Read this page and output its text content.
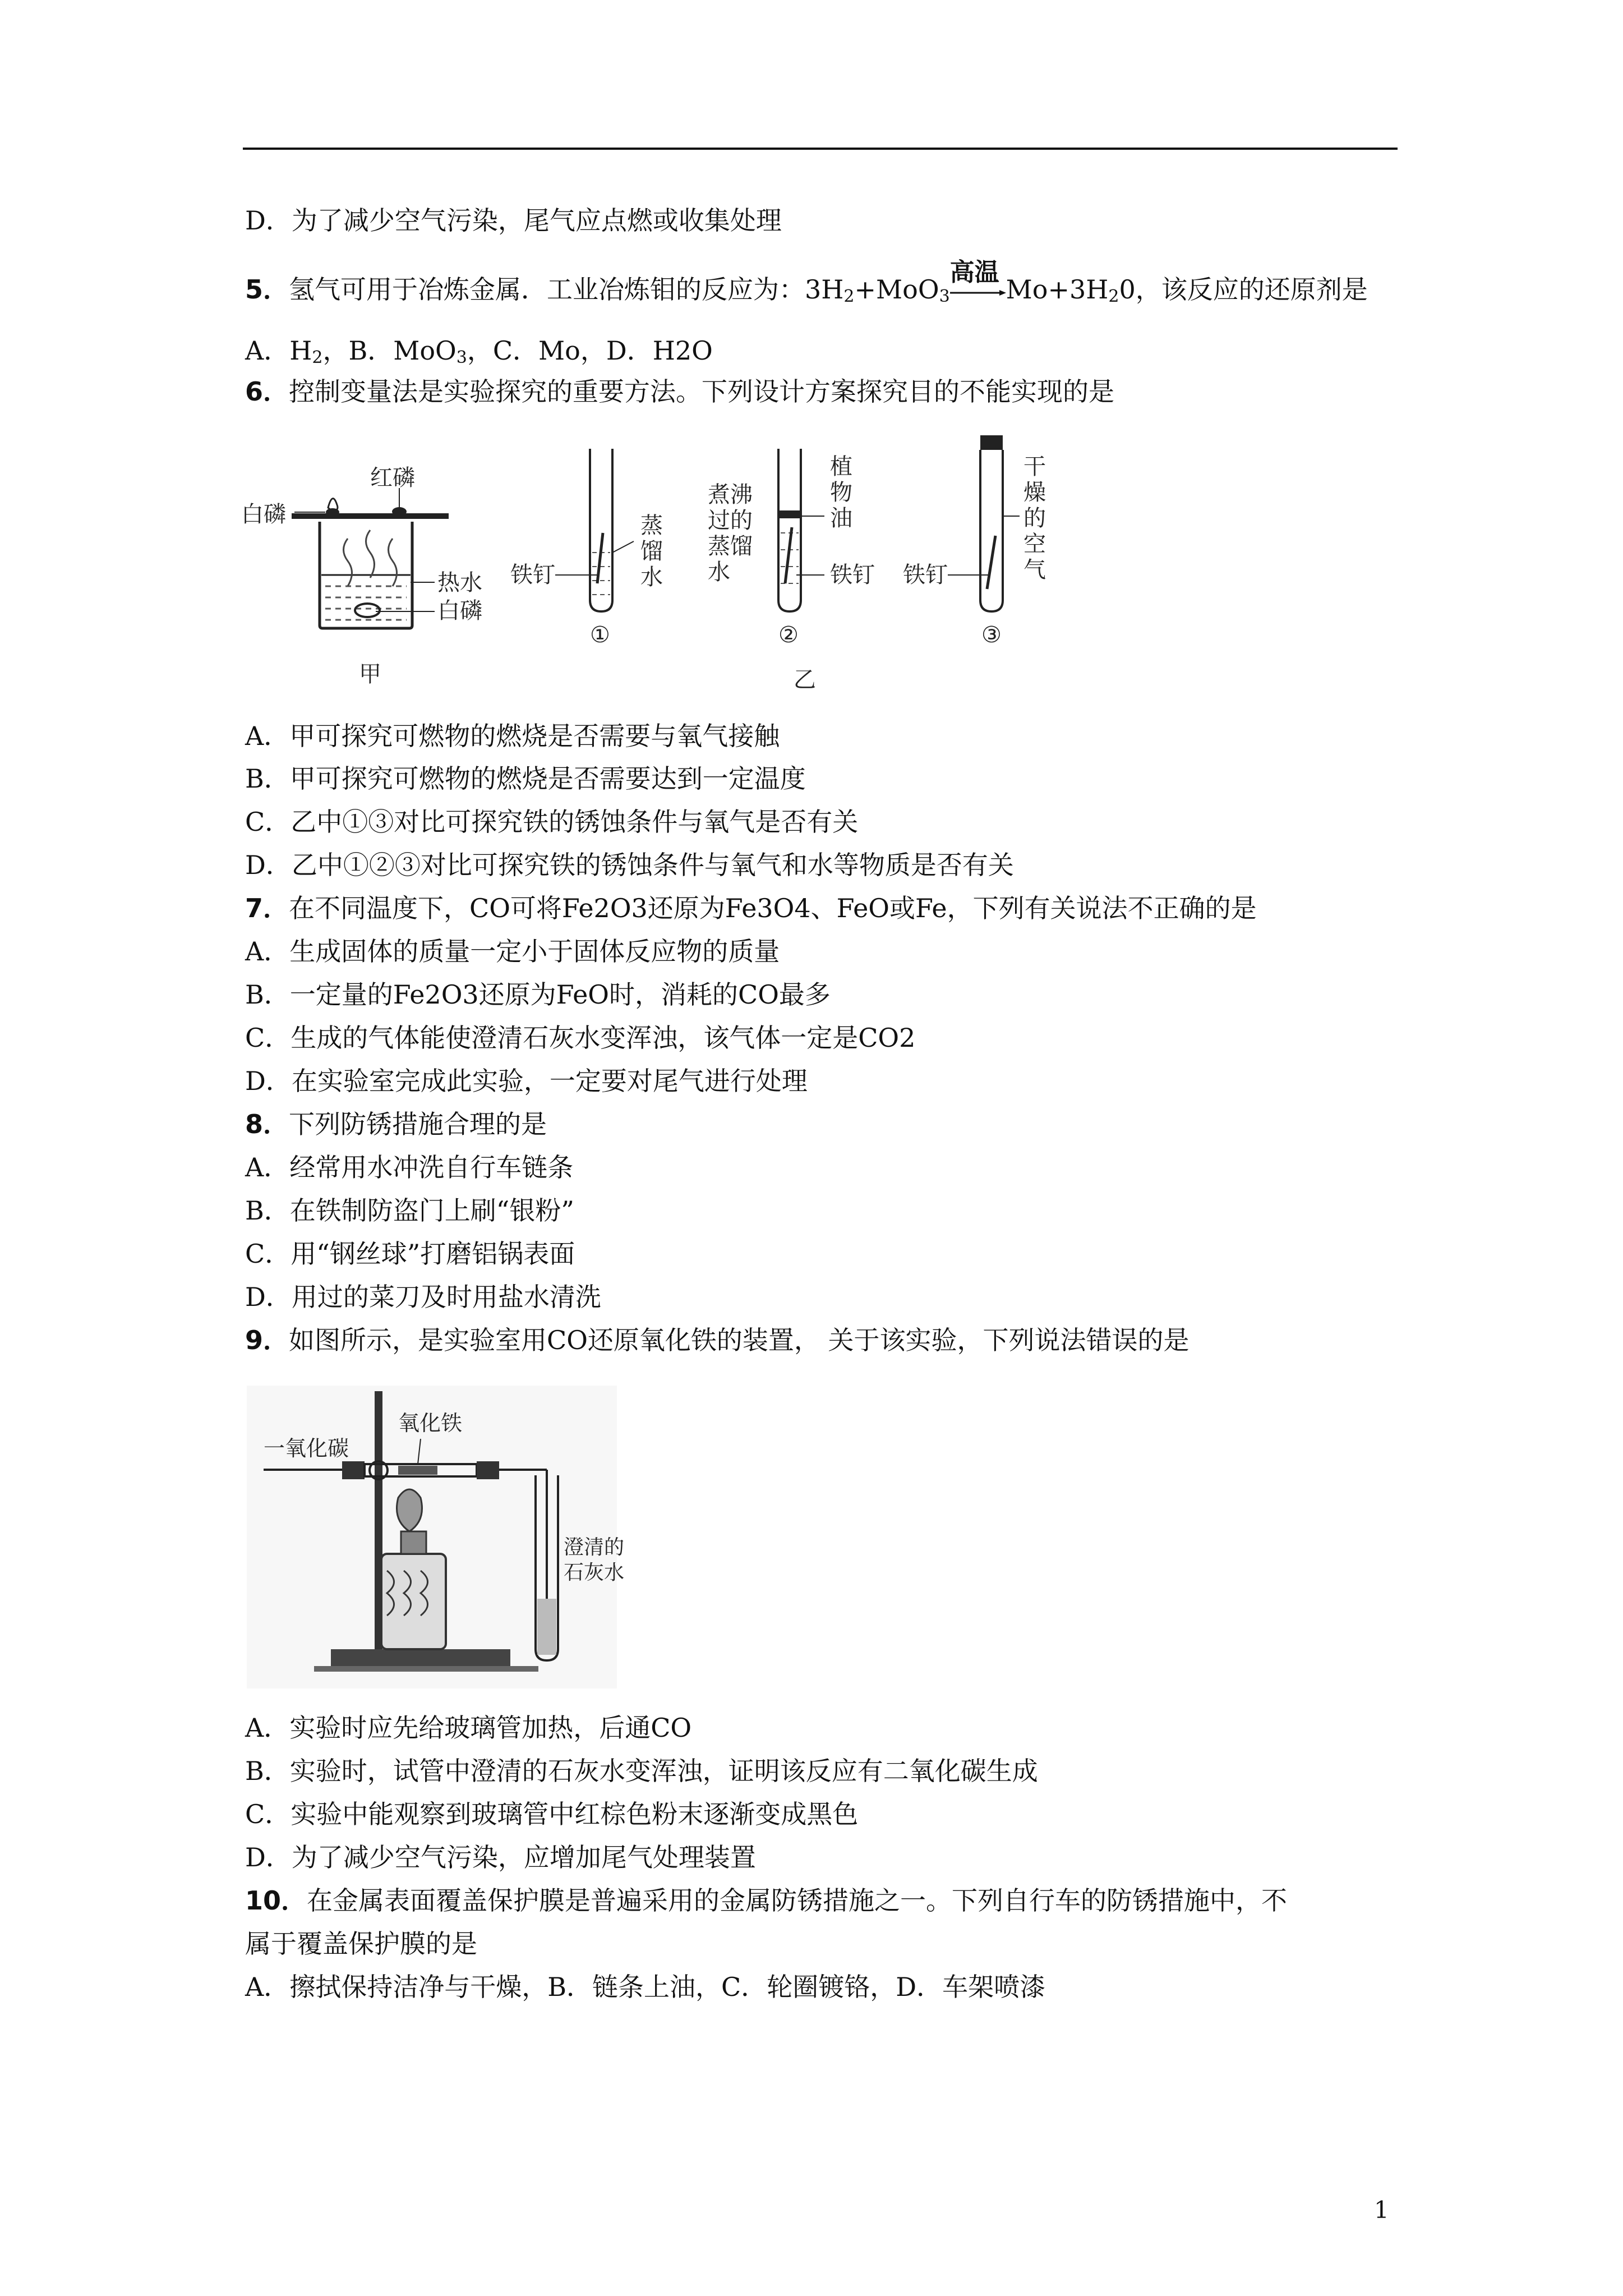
D．为了减少空气污染，尾气应点燃或收集处理
5．氢气可用于冶炼金属．工业冶炼钼的反应为：$3H_2+MoO_3$
高温
$Mo+3H_20$，该反应的还原剂是
A．$H_2$，B．MoO$_3$，C．Mo，D．H2O
6．控制变量法是实验探究的重要方法。下列设计方案探究目的不能实现的是
白磷
红磷
热水
白磷
甲
铁钉
蒸
馏
水
①
煮沸
过的
蒸馏
水
植
物
油
铁钉
②
铁钉
干
燥
的
空
气
③
乙
A．甲可探究可燃物的燃烧是否需要与氧气接触
B．甲可探究可燃物的燃烧是否需要达到一定温度
C．乙中①③对比可探究铁的锈蚀条件与氧气是否有关
D．乙中①②③对比可探究铁的锈蚀条件与氧气和水等物质是否有关
7．在不同温度下，CO可将Fe2O3还原为Fe3O4、FeO或Fe，下列有关说法不正确的是
A．生成固体的质量一定小于固体反应物的质量
B．一定量的Fe2O3还原为FeO时，消耗的CO最多
C．生成的气体能使澄清石灰水变浑浊，该气体一定是CO2
D．在实验室完成此实验，一定要对尾气进行处理
8．下列防锈措施合理的是
A．经常用水冲洗自行车链条
B．在铁制防盗门上刷“银粉”
C．用“钢丝球”打磨铝锅表面
D．用过的菜刀及时用盐水清洗
9．如图所示，是实验室用CO还原氧化铁的装置， 关于该实验，下列说法错误的是
一氧化碳
氧化铁
澄清的
石灰水
A．实验时应先给玻璃管加热，后通CO
B．实验时，试管中澄清的石灰水变浑浊，证明该反应有二氧化碳生成
C．实验中能观察到玻璃管中红棕色粉末逐渐变成黑色
D．为了减少空气污染，应增加尾气处理装置
10．在金属表面覆盖保护膜是普遍采用的金属防锈措施之一。下列自行车的防锈措施中，不
属于覆盖保护膜的是
A．擦拭保持洁净与干燥，B．链条上油，C．轮圈镀铬，D．车架喷漆
1
